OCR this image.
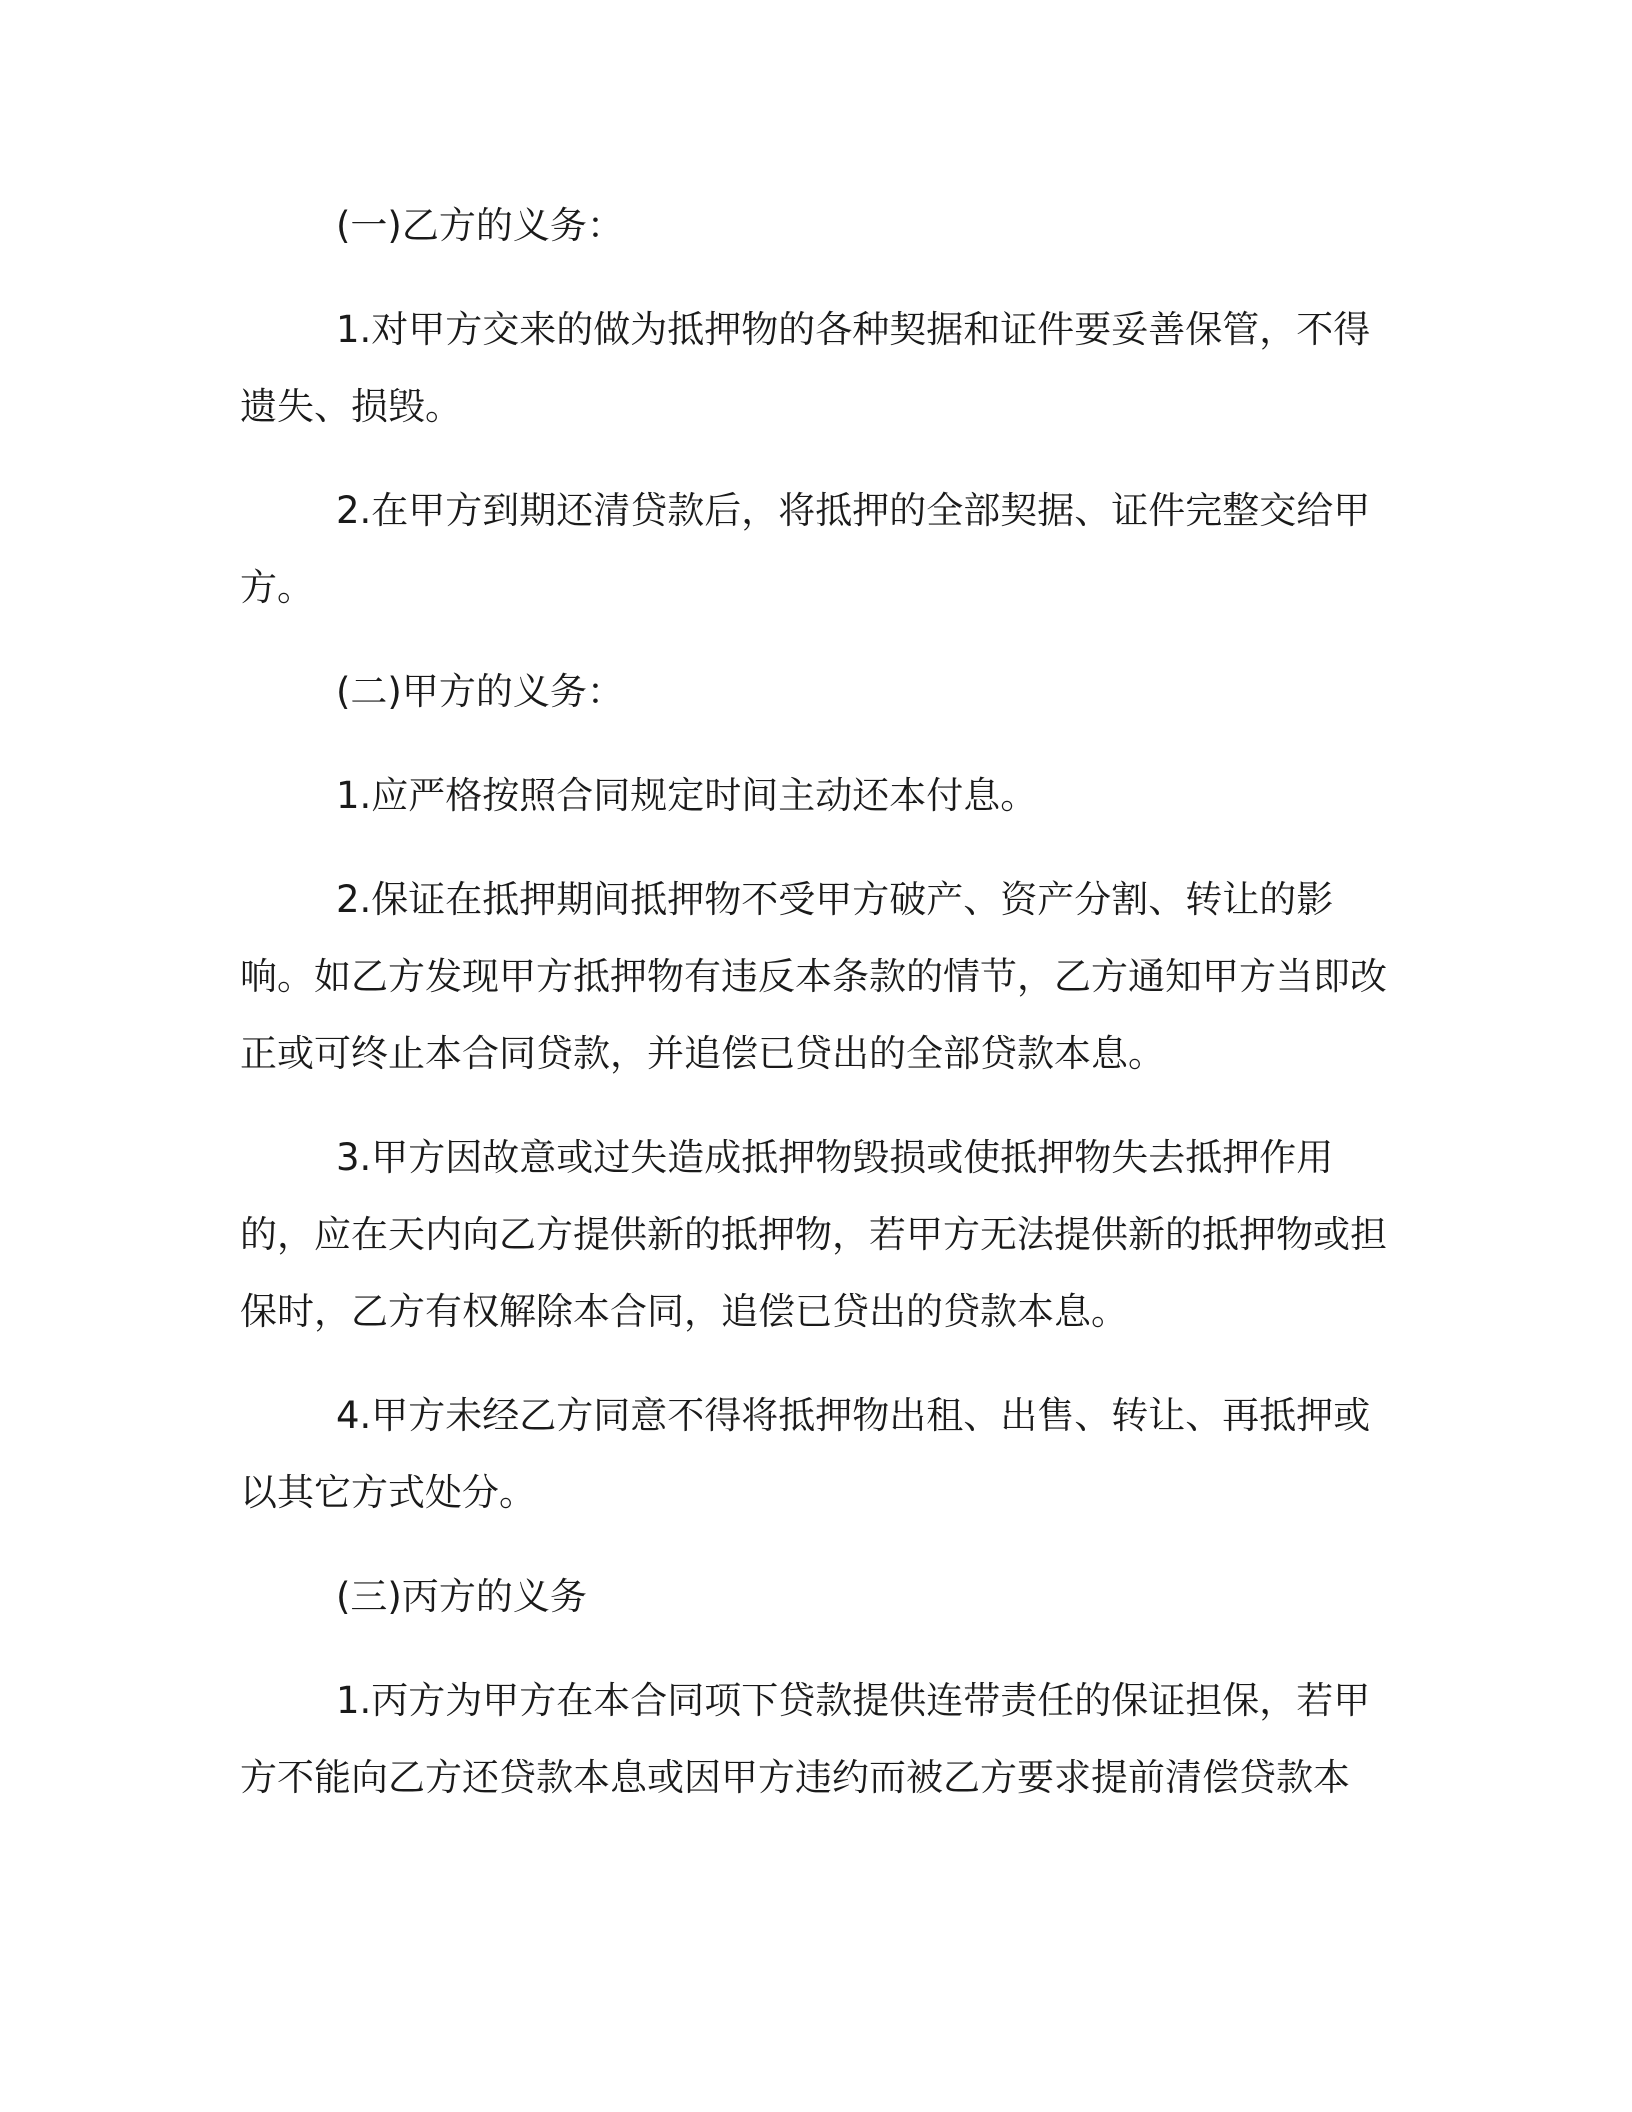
(一)乙方的义务：

1.对甲方交来的做为抵押物的各种契据和证件要妥善保管，不得遗失、损毁。

2.在甲方到期还清贷款后，将抵押的全部契据、证件完整交给甲方。

(二)甲方的义务：

1.应严格按照合同规定时间主动还本付息。

2.保证在抵押期间抵押物不受甲方破产、资产分割、转让的影响。如乙方发现甲方抵押物有违反本条款的情节，乙方通知甲方当即改正或可终止本合同贷款，并追偿已贷出的全部贷款本息。

3.甲方因故意或过失造成抵押物毁损或使抵押物失去抵押作用的，应在天内向乙方提供新的抵押物，若甲方无法提供新的抵押物或担保时，乙方有权解除本合同，追偿已贷出的贷款本息。

4.甲方未经乙方同意不得将抵押物出租、出售、转让、再抵押或以其它方式处分。

(三)丙方的义务

1.丙方为甲方在本合同项下贷款提供连带责任的保证担保，若甲方不能向乙方还贷款本息或因甲方违约而被乙方要求提前清偿贷款本
